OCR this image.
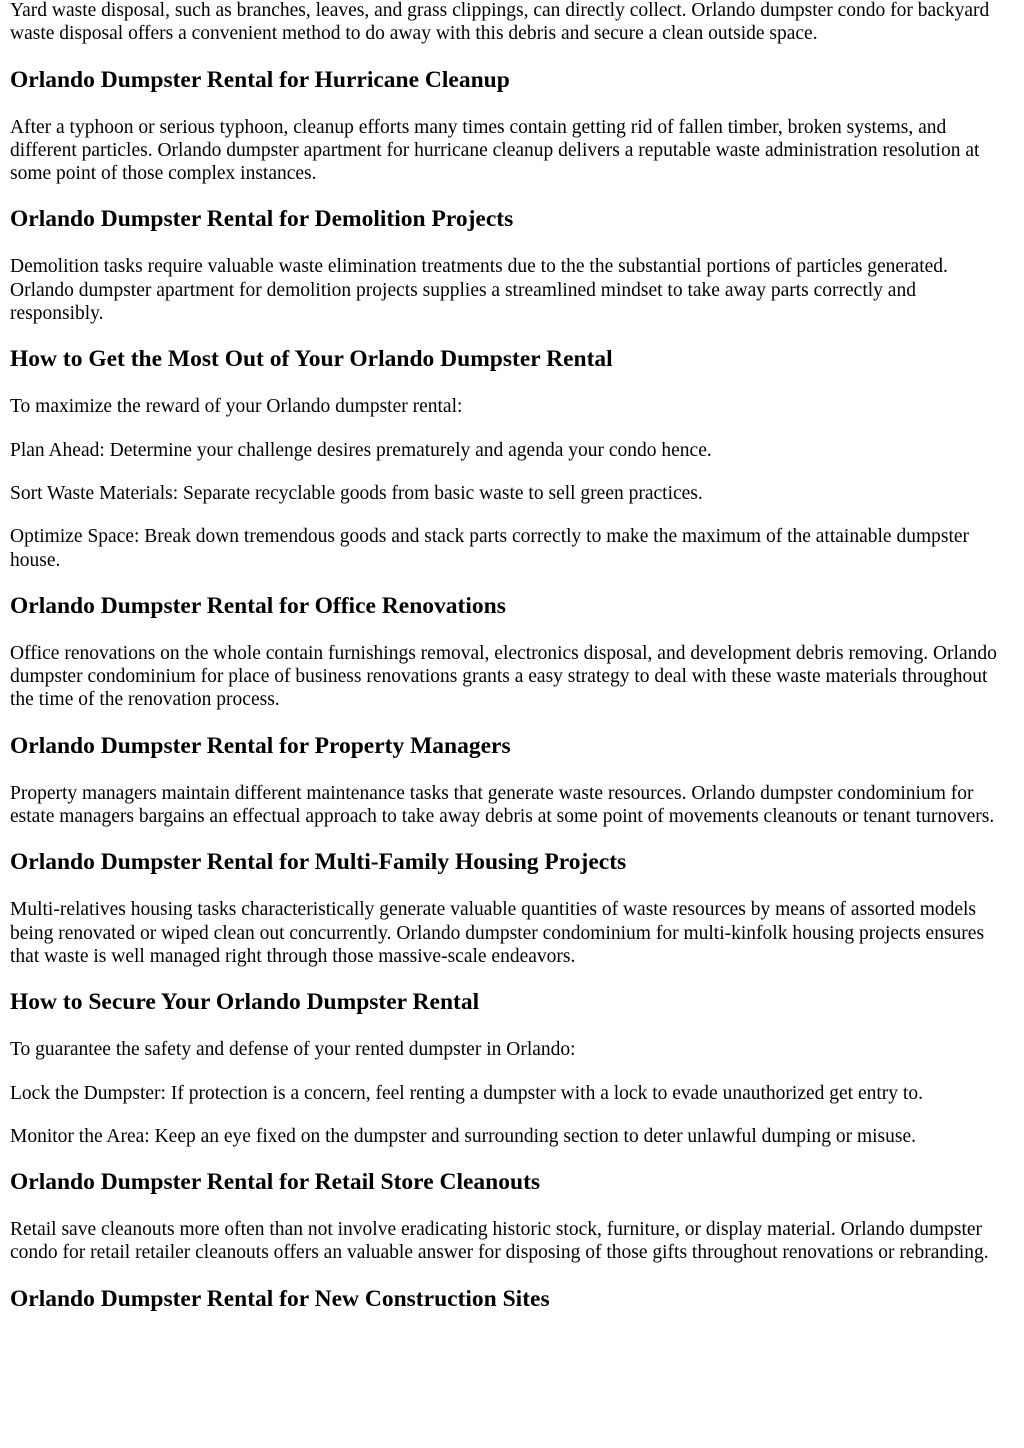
Yard waste disposal, such as branches, leaves, and grass clippings, can directly collect. Orlando dumpster condo for backyard waste disposal offers a convenient method to do away with this debris and secure a clean outside space.

Orlando Dumpster Rental for Hurricane Cleanup

After a typhoon or serious typhoon, cleanup efforts many times contain getting rid of fallen timber, broken systems, and different particles. Orlando dumpster apartment for hurricane cleanup delivers a reputable waste administration resolution at some point of those complex instances.

Orlando Dumpster Rental for Demolition Projects

Demolition tasks require valuable waste elimination treatments due to the the substantial portions of particles generated. Orlando dumpster apartment for demolition projects supplies a streamlined mindset to take away parts correctly and responsibly.

How to Get the Most Out of Your Orlando Dumpster Rental

To maximize the reward of your Orlando dumpster rental:

Plan Ahead: Determine your challenge desires prematurely and agenda your condo hence.

Sort Waste Materials: Separate recyclable goods from basic waste to sell green practices.

Optimize Space: Break down tremendous goods and stack parts correctly to make the maximum of the attainable dumpster house.

Orlando Dumpster Rental for Office Renovations

Office renovations on the whole contain furnishings removal, electronics disposal, and development debris removing. Orlando dumpster condominium for place of business renovations grants a easy strategy to deal with these waste materials throughout the time of the renovation process.

Orlando Dumpster Rental for Property Managers

Property managers maintain different maintenance tasks that generate waste resources. Orlando dumpster condominium for estate managers bargains an effectual approach to take away debris at some point of movements cleanouts or tenant turnovers.

Orlando Dumpster Rental for Multi-Family Housing Projects

Multi-relatives housing tasks characteristically generate valuable quantities of waste resources by means of assorted models being renovated or wiped clean out concurrently. Orlando dumpster condominium for multi-kinfolk housing projects ensures that waste is well managed right through those massive-scale endeavors.

How to Secure Your Orlando Dumpster Rental

To guarantee the safety and defense of your rented dumpster in Orlando:

Lock the Dumpster: If protection is a concern, feel renting a dumpster with a lock to evade unauthorized get entry to.

Monitor the Area: Keep an eye fixed on the dumpster and surrounding section to deter unlawful dumping or misuse.

Orlando Dumpster Rental for Retail Store Cleanouts

Retail save cleanouts more often than not involve eradicating historic stock, furniture, or display material. Orlando dumpster condo for retail retailer cleanouts offers an valuable answer for disposing of those gifts throughout renovations or rebranding.

Orlando Dumpster Rental for New Construction Sites
